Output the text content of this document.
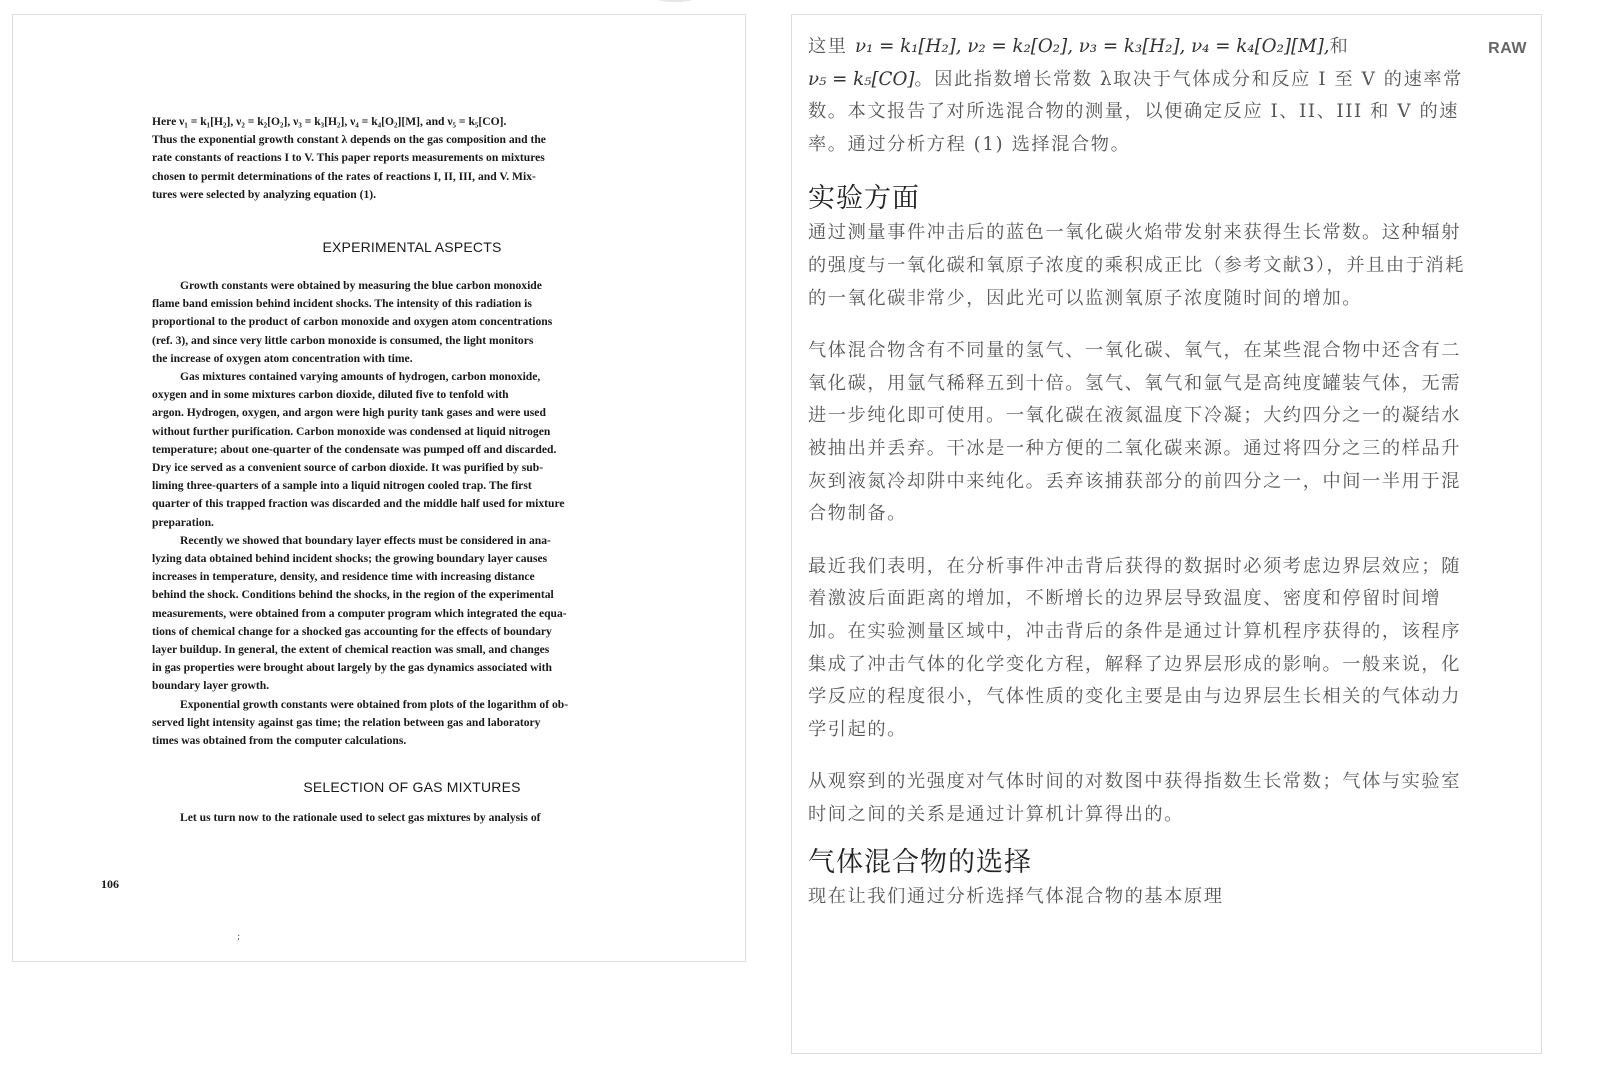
Here ν₁ = k₁[H₂], ν₂ = k₂[O₂], ν₃ = k₃[H₂], ν₄ = k₄[O₂][M], and ν₅ = k₅[CO].

Thus the exponential growth constant λ depends on the gas composition and the

rate constants of reactions I to V. This paper reports measurements on mixtures

chosen to permit determinations of the rates of reactions I, II, III, and V. Mix-

tures were selected by analyzing equation (1).

EXPERIMENTAL ASPECTS

Growth constants were obtained by measuring the blue carbon monoxide

flame band emission behind incident shocks. The intensity of this radiation is

proportional to the product of carbon monoxide and oxygen atom concentrations

(ref. 3), and since very little carbon monoxide is consumed, the light monitors

the increase of oxygen atom concentration with time.

Gas mixtures contained varying amounts of hydrogen, carbon monoxide,

oxygen and in some mixtures carbon dioxide, diluted five to tenfold with

argon. Hydrogen, oxygen, and argon were high purity tank gases and were used

without further purification. Carbon monoxide was condensed at liquid nitrogen

temperature; about one-quarter of the condensate was pumped off and discarded.

Dry ice served as a convenient source of carbon dioxide. It was purified by sub-

liming three-quarters of a sample into a liquid nitrogen cooled trap. The first

quarter of this trapped fraction was discarded and the middle half used for mixture

preparation.

Recently we showed that boundary layer effects must be considered in ana-

lyzing data obtained behind incident shocks; the growing boundary layer causes

increases in temperature, density, and residence time with increasing distance

behind the shock. Conditions behind the shocks, in the region of the experimental

measurements, were obtained from a computer program which integrated the equa-

tions of chemical change for a shocked gas accounting for the effects of boundary

layer buildup. In general, the extent of chemical reaction was small, and changes

in gas properties were brought about largely by the gas dynamics associated with

boundary layer growth.

Exponential growth constants were obtained from plots of the logarithm of ob-

served light intensity against gas time; the relation between gas and laboratory

times was obtained from the computer calculations.

SELECTION OF GAS MIXTURES

Let us turn now to the rationale used to select gas mixtures by analysis of

106
;
RAW

这里 ν₁ = k₁[H₂], ν₂ = k₂[O₂], ν₃ = k₃[H₂], ν₄ = k₄[O₂][M],和
ν₅ = k₅[CO]。因此指数增长常数 λ取决于气体成分和反应 I 至 V 的速率常数。本文报告了对所选混合物的测量，以便确定反应 I、II、III 和 V 的速率。通过分析方程 (1) 选择混合物。

实验方面

通过测量事件冲击后的蓝色一氧化碳火焰带发射来获得生长常数。这种辐射的强度与一氧化碳和氧原子浓度的乘积成正比（参考文献3），并且由于消耗的一氧化碳非常少，因此光可以监测氧原子浓度随时间的增加。

气体混合物含有不同量的氢气、一氧化碳、氧气，在某些混合物中还含有二氧化碳，用氩气稀释五到十倍。氢气、氧气和氩气是高纯度罐装气体，无需进一步纯化即可使用。一氧化碳在液氮温度下冷凝；大约四分之一的凝结水被抽出并丢弃。干冰是一种方便的二氧化碳来源。通过将四分之三的样品升灰到液氮冷却阱中来纯化。丢弃该捕获部分的前四分之一，中间一半用于混合物制备。

最近我们表明，在分析事件冲击背后获得的数据时必须考虑边界层效应；随着激波后面距离的增加，不断增长的边界层导致温度、密度和停留时间增加。在实验测量区域中，冲击背后的条件是通过计算机程序获得的，该程序集成了冲击气体的化学变化方程，解释了边界层形成的影响。一般来说，化学反应的程度很小，气体性质的变化主要是由与边界层生长相关的气体动力学引起的。

从观察到的光强度对气体时间的对数图中获得指数生长常数；气体与实验室时间之间的关系是通过计算机计算得出的。

气体混合物的选择

现在让我们通过分析选择气体混合物的基本原理
